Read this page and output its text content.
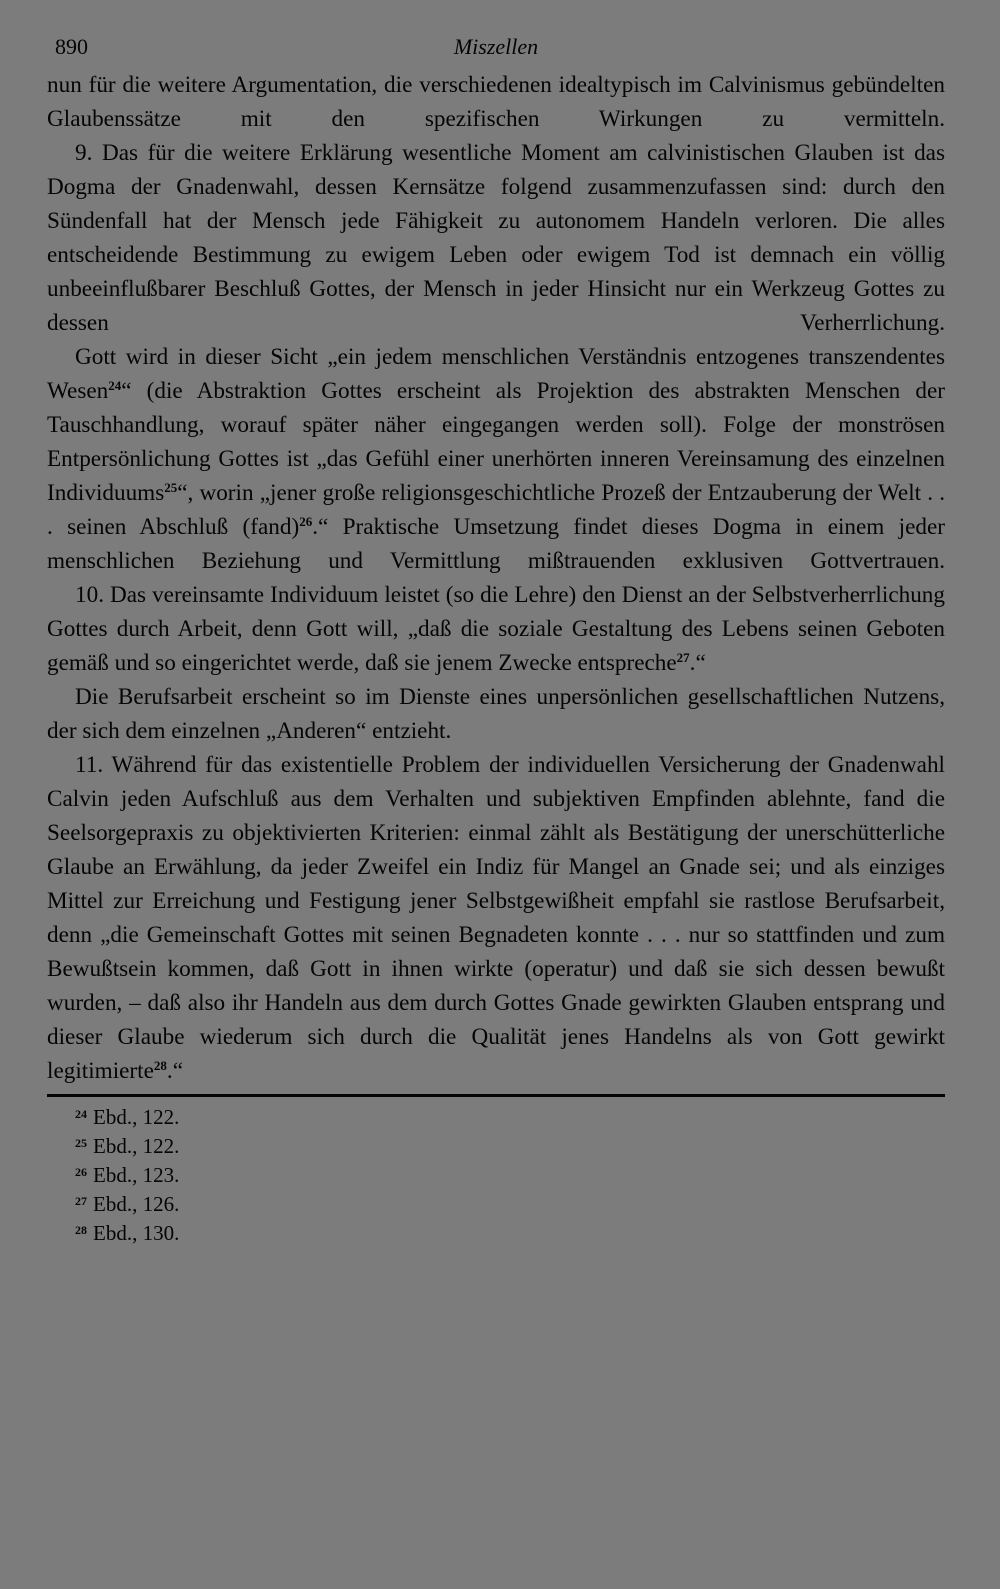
890	Miszellen

nun für die weitere Argumentation, die verschiedenen idealtypisch im Calvinismus gebündelten Glaubenssätze mit den spezifischen Wirkungen zu vermitteln.

9. Das für die weitere Erklärung wesentliche Moment am calvinistischen Glauben ist das Dogma der Gnadenwahl, dessen Kernsätze folgend zusammenzufassen sind: durch den Sündenfall hat der Mensch jede Fähigkeit zu autonomem Handeln verloren. Die alles entscheidende Bestimmung zu ewigem Leben oder ewigem Tod ist demnach ein völlig unbeeinflußbarer Beschluß Gottes, der Mensch in jeder Hinsicht nur ein Werkzeug Gottes zu dessen Verherrlichung.

Gott wird in dieser Sicht „ein jedem menschlichen Verständnis entzogenes transzendentes Wesen$^{24}$“ (die Abstraktion Gottes erscheint als Projektion des abstrakten Menschen der Tauschhandlung, worauf später näher eingegangen werden soll). Folge der monströsen Entpersönlichung Gottes ist „das Gefühl einer unerhörten inneren Vereinsamung des einzelnen Individuums$^{25}$“, worin „jener große religionsgeschichtliche Prozeß der Entzauberung der Welt . . . seinen Abschluß (fand)$^{26}$.“ Praktische Umsetzung findet dieses Dogma in einem jeder menschlichen Beziehung und Vermittlung mißtrauenden exklusiven Gottvertrauen.

10. Das vereinsamte Individuum leistet (so die Lehre) den Dienst an der Selbstverherrlichung Gottes durch Arbeit, denn Gott will, „daß die soziale Gestaltung des Lebens seinen Geboten gemäß und so eingerichtet werde, daß sie jenem Zwecke entspreche$^{27}$.“

Die Berufsarbeit erscheint so im Dienste eines unpersönlichen gesellschaftlichen Nutzens, der sich dem einzelnen „Anderen“ entzieht.

11. Während für das existentielle Problem der individuellen Versicherung der Gnadenwahl Calvin jeden Aufschluß aus dem Verhalten und subjektiven Empfinden ablehnte, fand die Seelsorgepraxis zu objektivierten Kriterien: einmal zählt als Bestätigung der unerschütterliche Glaube an Erwählung, da jeder Zweifel ein Indiz für Mangel an Gnade sei; und als einziges Mittel zur Erreichung und Festigung jener Selbstgewißheit empfahl sie rastlose Berufsarbeit, denn „die Gemeinschaft Gottes mit seinen Begnadeten konnte . . . nur so stattfinden und zum Bewußtsein kommen, daß Gott in ihnen wirkte (operatur) und daß sie sich dessen bewußt wurden, – daß also ihr Handeln aus dem durch Gottes Gnade gewirkten Glauben entsprang und dieser Glaube wiederum sich durch die Qualität jenes Handelns als von Gott gewirkt legitimierte$^{28}$.“

$^{24}$ Ebd., 122.
$^{25}$ Ebd., 122.
$^{26}$ Ebd., 123.
$^{27}$ Ebd., 126.
$^{28}$ Ebd., 130.
